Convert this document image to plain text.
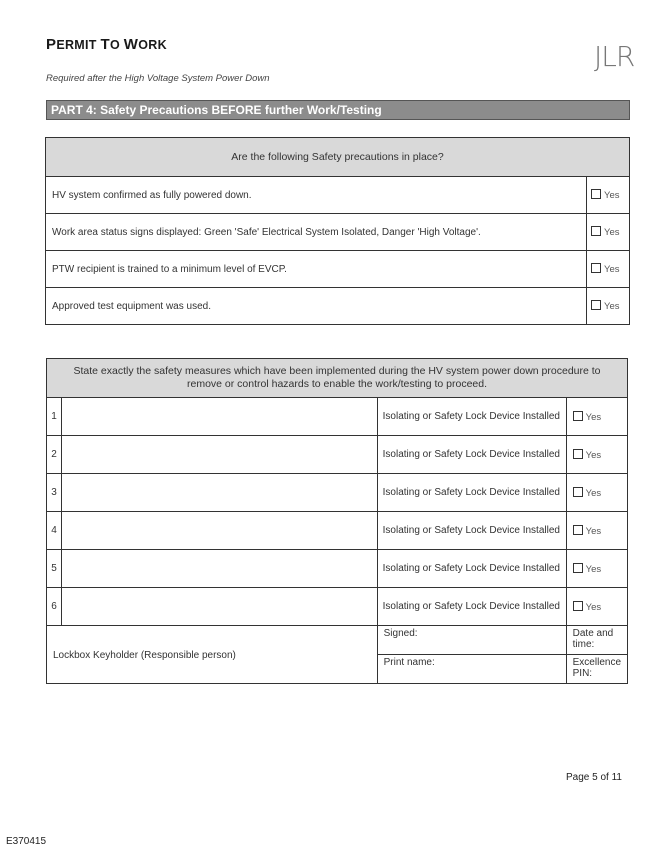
PERMIT TO WORK
Required after the High Voltage System Power Down
JLR
PART 4: Safety Precautions BEFORE further Work/Testing
Are the following Safety precautions in place?	
HV system confirmed as fully powered down.	Yes
Work area status signs displayed: Green 'Safe' Electrical System Isolated, Danger 'High Voltage'.	Yes
PTW recipient is trained to a minimum level of EVCP.	Yes
Approved test equipment was used.	Yes
State exactly the safety measures which have been implemented during the HV system power down procedure to remove or control hazards to enable the work/testing to proceed.			
1		Isolating or Safety Lock Device Installed	Yes
2		Isolating or Safety Lock Device Installed	Yes
3		Isolating or Safety Lock Device Installed	Yes
4		Isolating or Safety Lock Device Installed	Yes
5		Isolating or Safety Lock Device Installed	Yes
6		Isolating or Safety Lock Device Installed	Yes
Lockbox Keyholder (Responsible person)		Signed:	Date and time:
		Print name:	Excellence PIN:
Page 5 of 11
E370415
